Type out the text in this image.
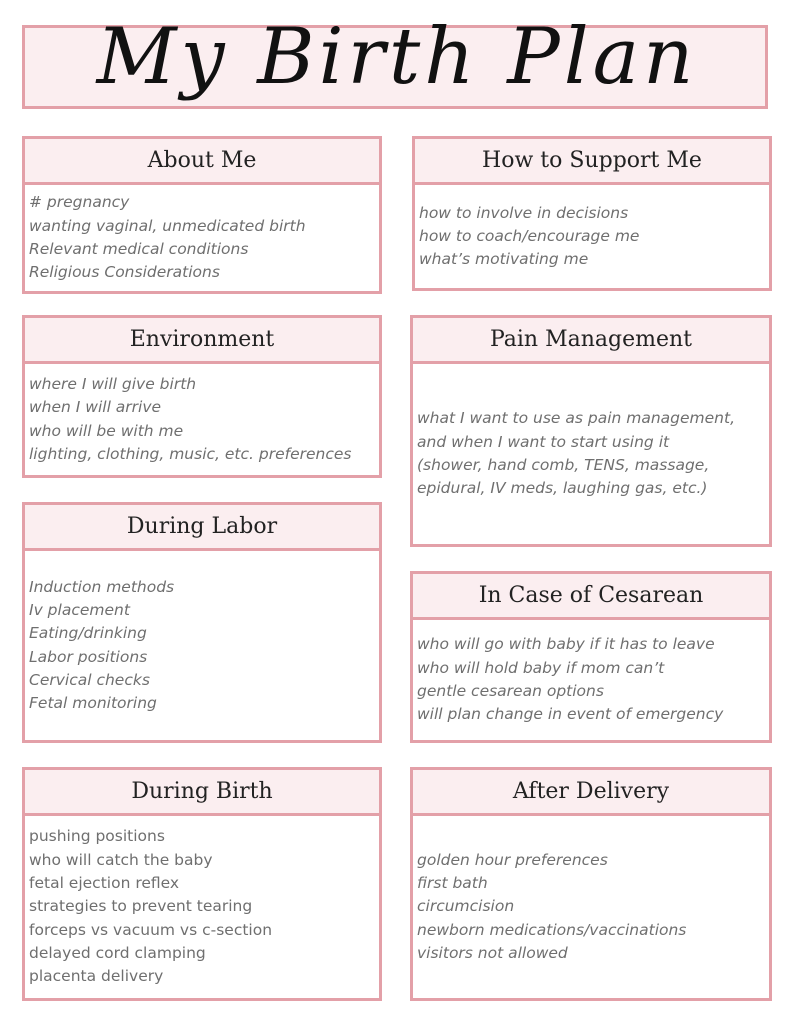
My Birth Plan
About Me
# pregnancy
wanting vaginal, unmedicated birth
Relevant medical conditions
Religious Considerations
How to Support Me
how to involve in decisions
how to coach/encourage me
what’s motivating me
Environment
where I will give birth
when I will arrive
who will be with me
lighting, clothing, music, etc. preferences
Pain Management
what I want to use as pain management,
and when I want to start using it
(shower, hand comb, TENS, massage,
epidural, IV meds, laughing gas, etc.)
During Labor
Induction methods
Iv placement
Eating/drinking
Labor positions
Cervical checks
Fetal monitoring
In Case of Cesarean
who will go with baby if it has to leave
who will hold baby if mom can’t
gentle cesarean options
will plan change in event of emergency
During Birth
pushing positions
who will catch the baby
fetal ejection reflex
strategies to prevent tearing
forceps vs vacuum vs c-section
delayed cord clamping
placenta delivery
After Delivery
golden hour preferences
first bath
circumcision
newborn medications/vaccinations
visitors not allowed
